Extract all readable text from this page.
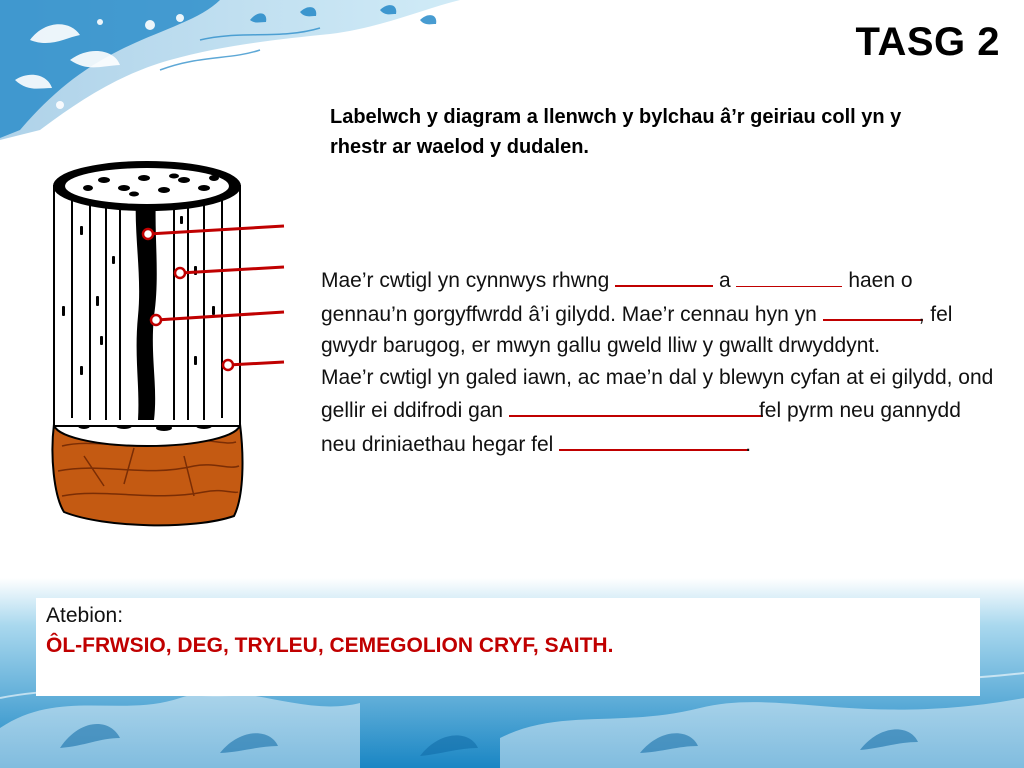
TASG 2
Labelwch y diagram a llenwch y bylchau â’r geiriau coll yn y rhestr ar waelod y dudalen.
Mae’r cwtigl yn cynnwys rhwng	a	haen o gennau’n gorgyffwrdd â’i gilydd. Mae’r cennau hyn yn	, fel gwydr barugog, er mwyn gallu gweld lliw y gwallt drwyddynt.
Mae’r cwtigl yn galed iawn, ac mae’n dal y blewyn cyfan at ei gilydd, ond gellir ei ddifrodi gan	fel pyrm neu gannydd neu driniaethau hegar fel	.
Atebion:
ÔL-FRWSIO, DEG, TRYLEU, CEMEGOLION CRYF, SAITH.
